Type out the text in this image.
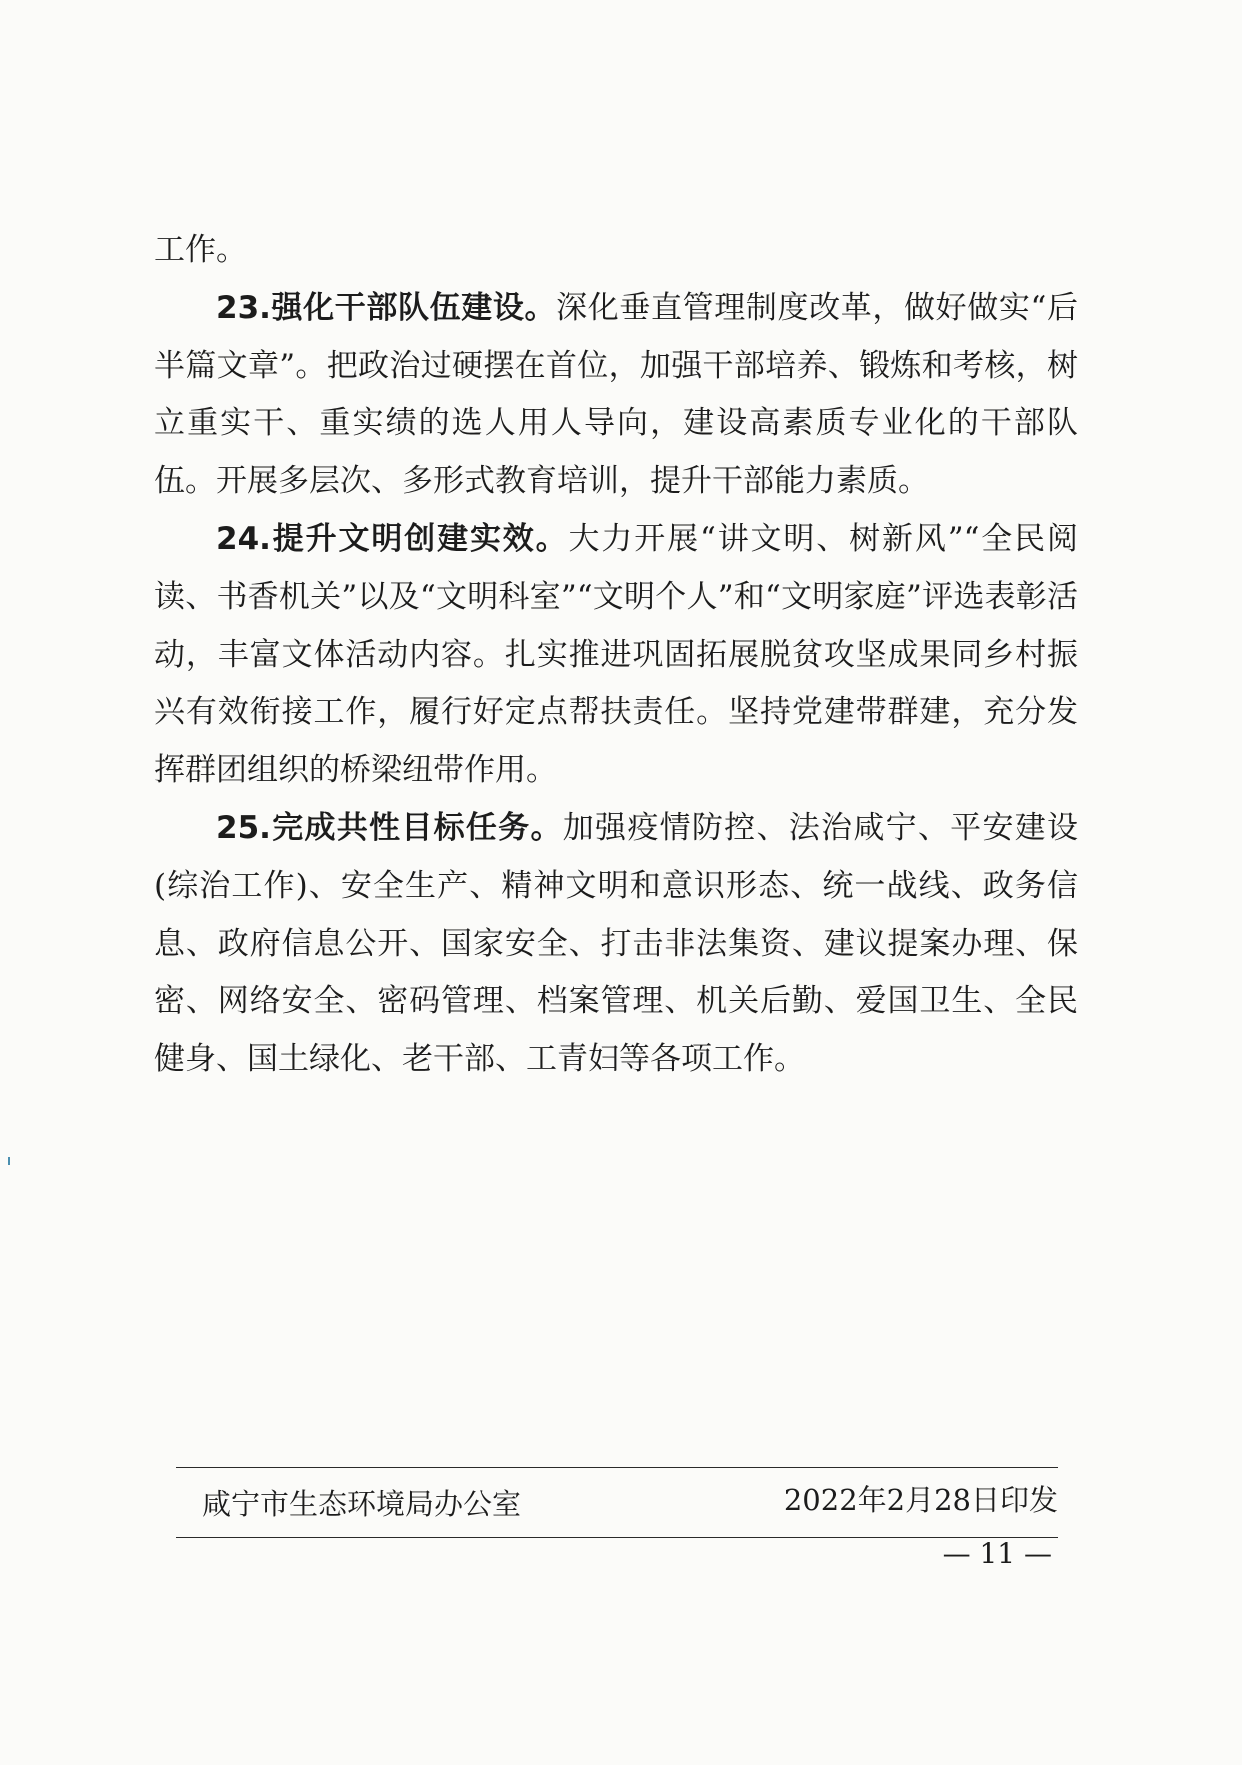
工作。

23.强化干部队伍建设。深化垂直管理制度改革，做好做实“后半篇文章”。把政治过硬摆在首位，加强干部培养、锻炼和考核，树立重实干、重实绩的选人用人导向，建设高素质专业化的干部队伍。开展多层次、多形式教育培训，提升干部能力素质。

24.提升文明创建实效。大力开展“讲文明、树新风”“全民阅读、书香机关”以及“文明科室”“文明个人”和“文明家庭”评选表彰活动，丰富文体活动内容。扎实推进巩固拓展脱贫攻坚成果同乡村振兴有效衔接工作，履行好定点帮扶责任。坚持党建带群建，充分发挥群团组织的桥梁纽带作用。

25.完成共性目标任务。加强疫情防控、法治咸宁、平安建设(综治工作)、安全生产、精神文明和意识形态、统一战线、政务信息、政府信息公开、国家安全、打击非法集资、建议提案办理、保密、网络安全、密码管理、档案管理、机关后勤、爱国卫生、全民健身、国土绿化、老干部、工青妇等各项工作。

咸宁市生态环境局办公室	2022年2月28日印发
— 11 —
